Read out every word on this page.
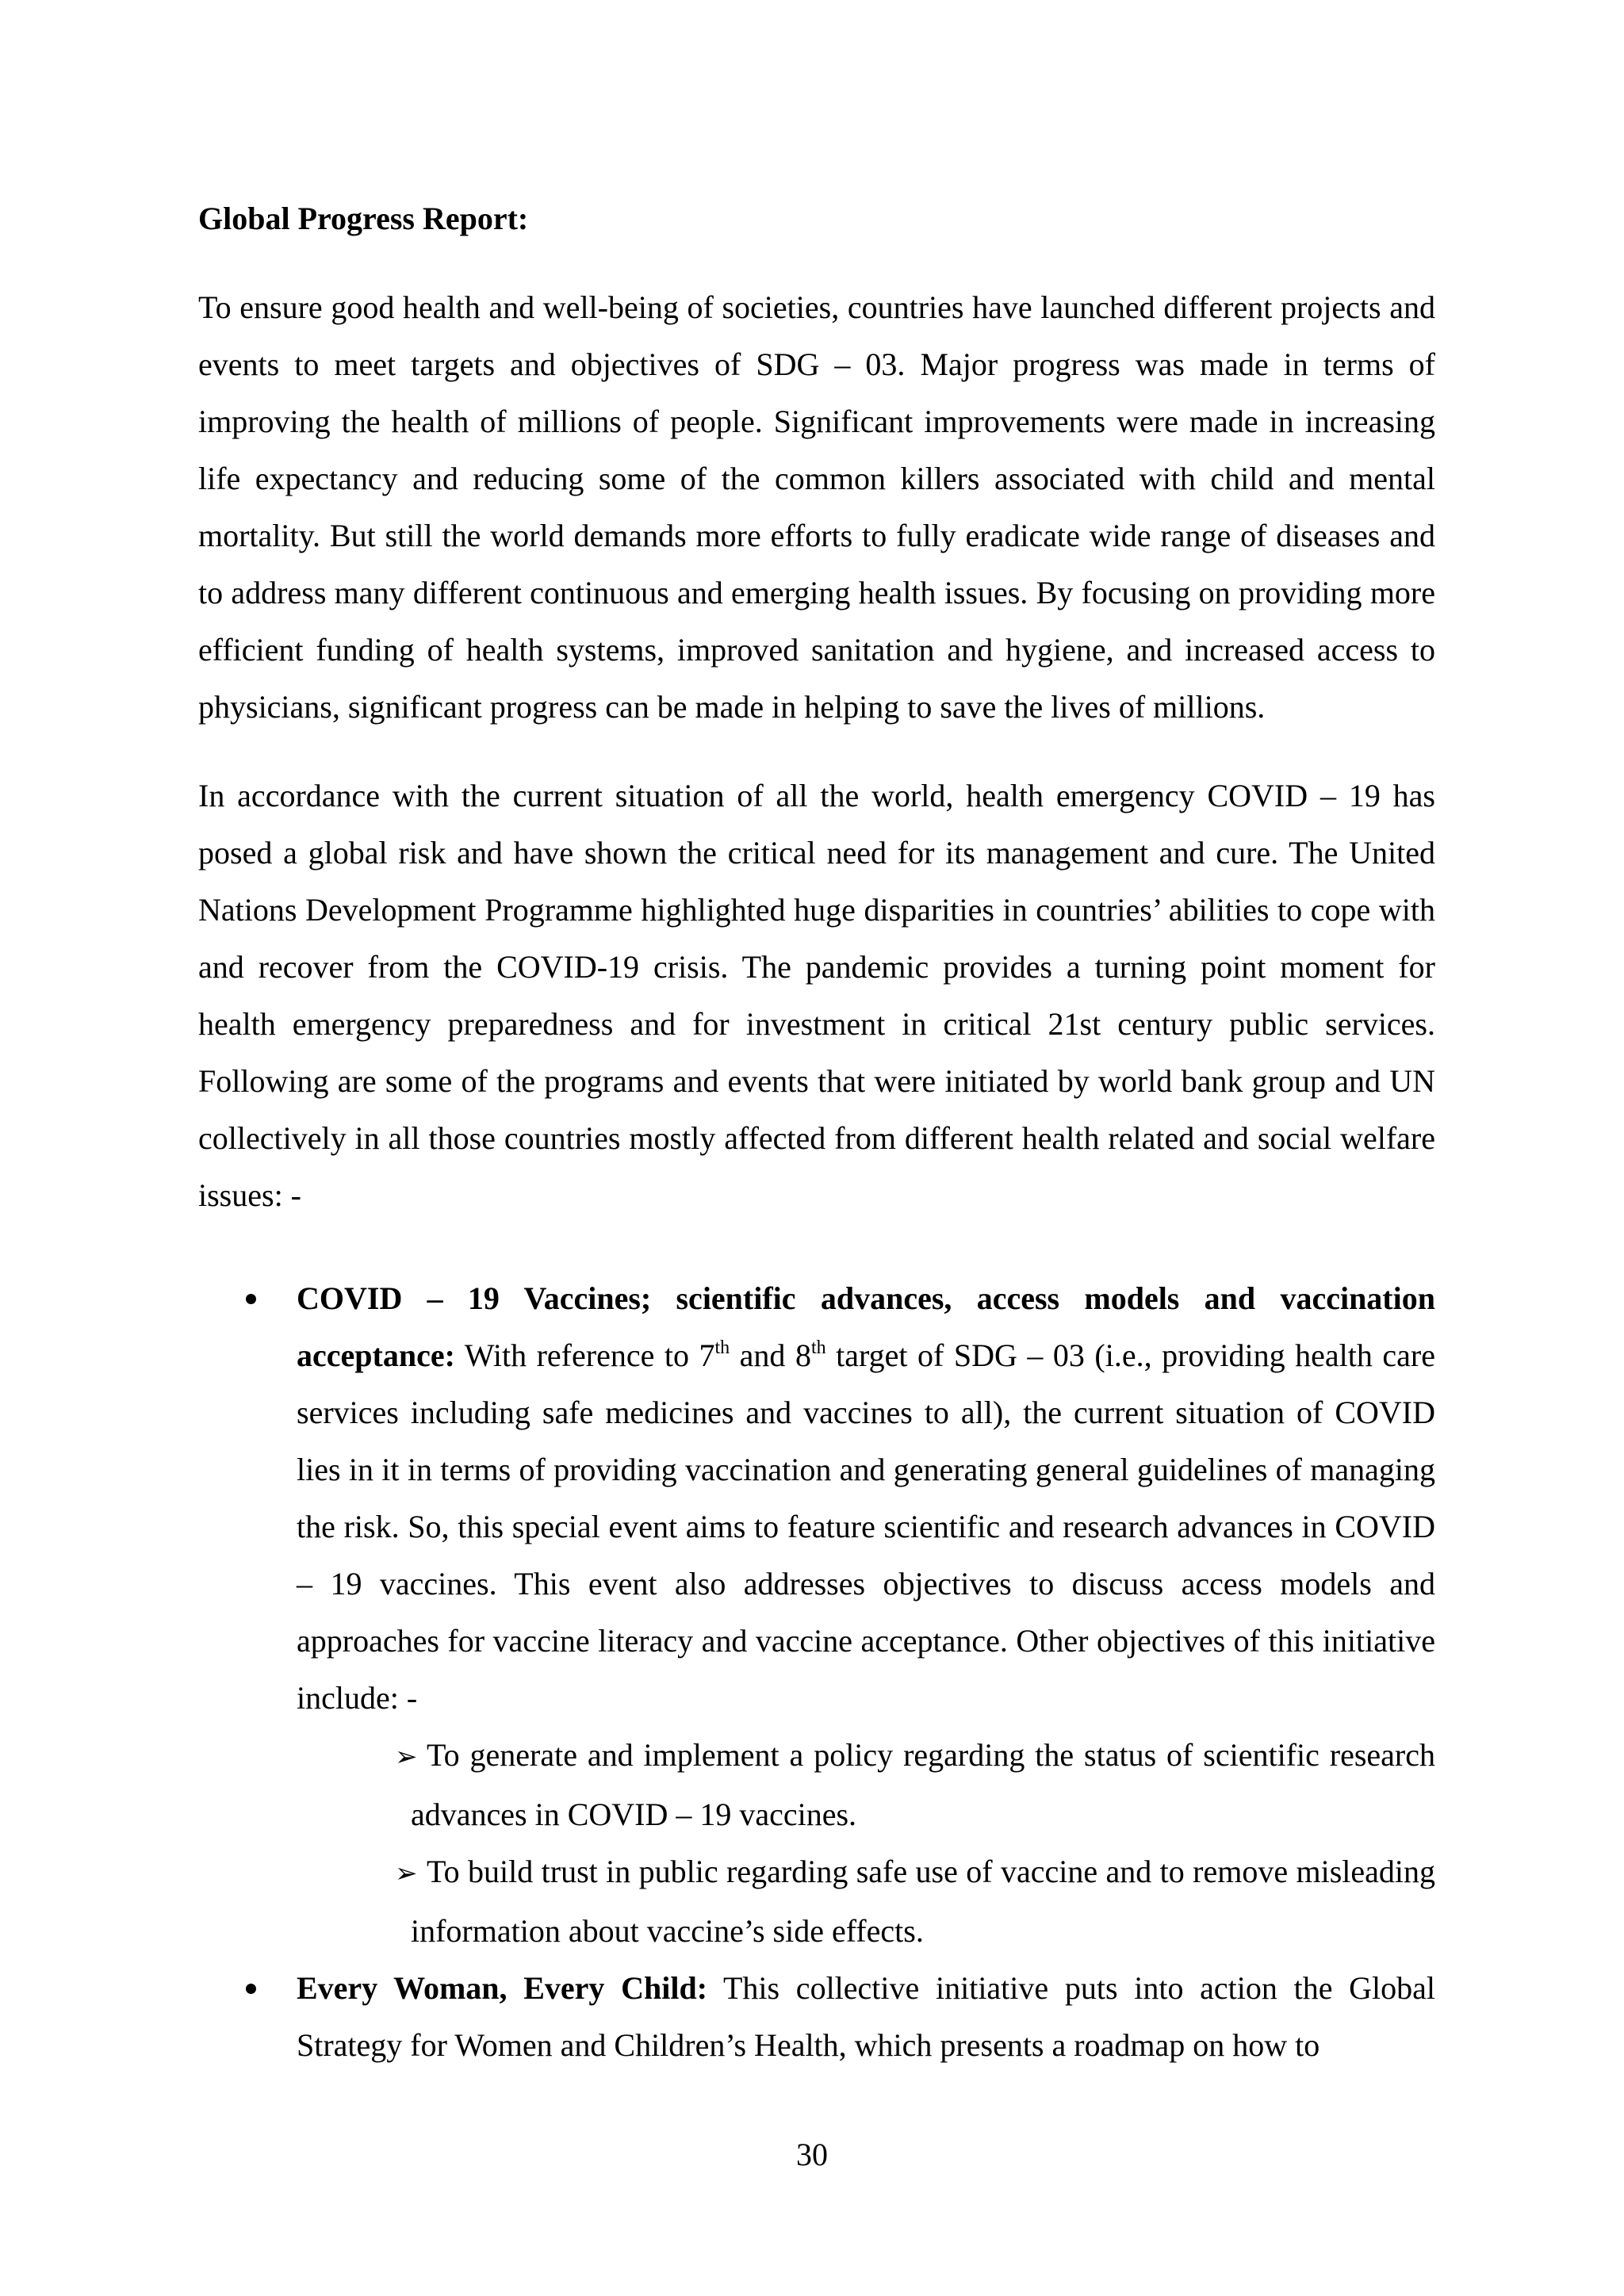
Global Progress Report:

To ensure good health and well-being of societies, countries have launched different projects and events to meet targets and objectives of SDG – 03. Major progress was made in terms of improving the health of millions of people. Significant improvements were made in increasing life expectancy and reducing some of the common killers associated with child and mental mortality. But still the world demands more efforts to fully eradicate wide range of diseases and to address many different continuous and emerging health issues. By focusing on providing more efficient funding of health systems, improved sanitation and hygiene, and increased access to physicians, significant progress can be made in helping to save the lives of millions.

In accordance with the current situation of all the world, health emergency COVID – 19 has posed a global risk and have shown the critical need for its management and cure. The United Nations Development Programme highlighted huge disparities in countries’ abilities to cope with and recover from the COVID-19 crisis. The pandemic provides a turning point moment for health emergency preparedness and for investment in critical 21st century public services. Following are some of the programs and events that were initiated by world bank group and UN collectively in all those countries mostly affected from different health related and social welfare issues: -

COVID – 19 Vaccines; scientific advances, access models and vaccination acceptance: With reference to 7th and 8th target of SDG – 03 (i.e., providing health care services including safe medicines and vaccines to all), the current situation of COVID lies in it in terms of providing vaccination and generating general guidelines of managing the risk. So, this special event aims to feature scientific and research advances in COVID – 19 vaccines. This event also addresses objectives to discuss access models and approaches for vaccine literacy and vaccine acceptance. Other objectives of this initiative include: -
➢ To generate and implement a policy regarding the status of scientific research advances in COVID – 19 vaccines.
➢ To build trust in public regarding safe use of vaccine and to remove misleading information about vaccine’s side effects.
Every Woman, Every Child: This collective initiative puts into action the Global Strategy for Women and Children’s Health, which presents a roadmap on how to
30
